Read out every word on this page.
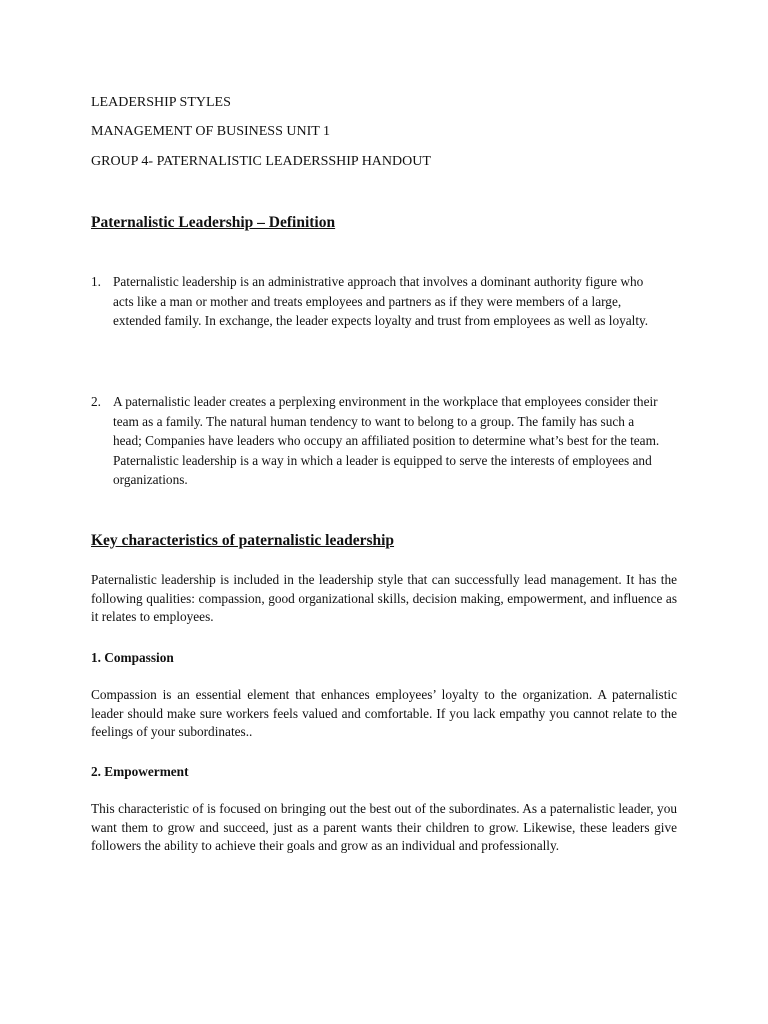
LEADERSHIP STYLES
MANAGEMENT OF BUSINESS UNIT 1
GROUP 4- PATERNALISTIC LEADERSSHIP HANDOUT
Paternalistic Leadership – Definition
1. Paternalistic leadership is an administrative approach that involves a dominant authority figure who acts like a man or mother and treats employees and partners as if they were members of a large, extended family. In exchange, the leader expects loyalty and trust from employees as well as loyalty.
2. A paternalistic leader creates a perplexing environment in the workplace that employees consider their team as a family. The natural human tendency to want to belong to a group. The family has such a head; Companies have leaders who occupy an affiliated position to determine what’s best for the team. Paternalistic leadership is a way in which a leader is equipped to serve the interests of employees and organizations.
Key characteristics of paternalistic leadership
Paternalistic leadership is included in the leadership style that can successfully lead management. It has the following qualities: compassion, good organizational skills, decision making, empowerment, and influence as it relates to employees.
1. Compassion
Compassion is an essential element that enhances employees’ loyalty to the organization. A paternalistic leader should make sure workers feels valued and comfortable. If you lack empathy you cannot relate to the feelings of your subordinates..
2. Empowerment
This characteristic of is focused on bringing out the best out of the subordinates. As a paternalistic leader, you want them to grow and succeed, just as a parent wants their children to grow. Likewise, these leaders give followers the ability to achieve their goals and grow as an individual and professionally.
